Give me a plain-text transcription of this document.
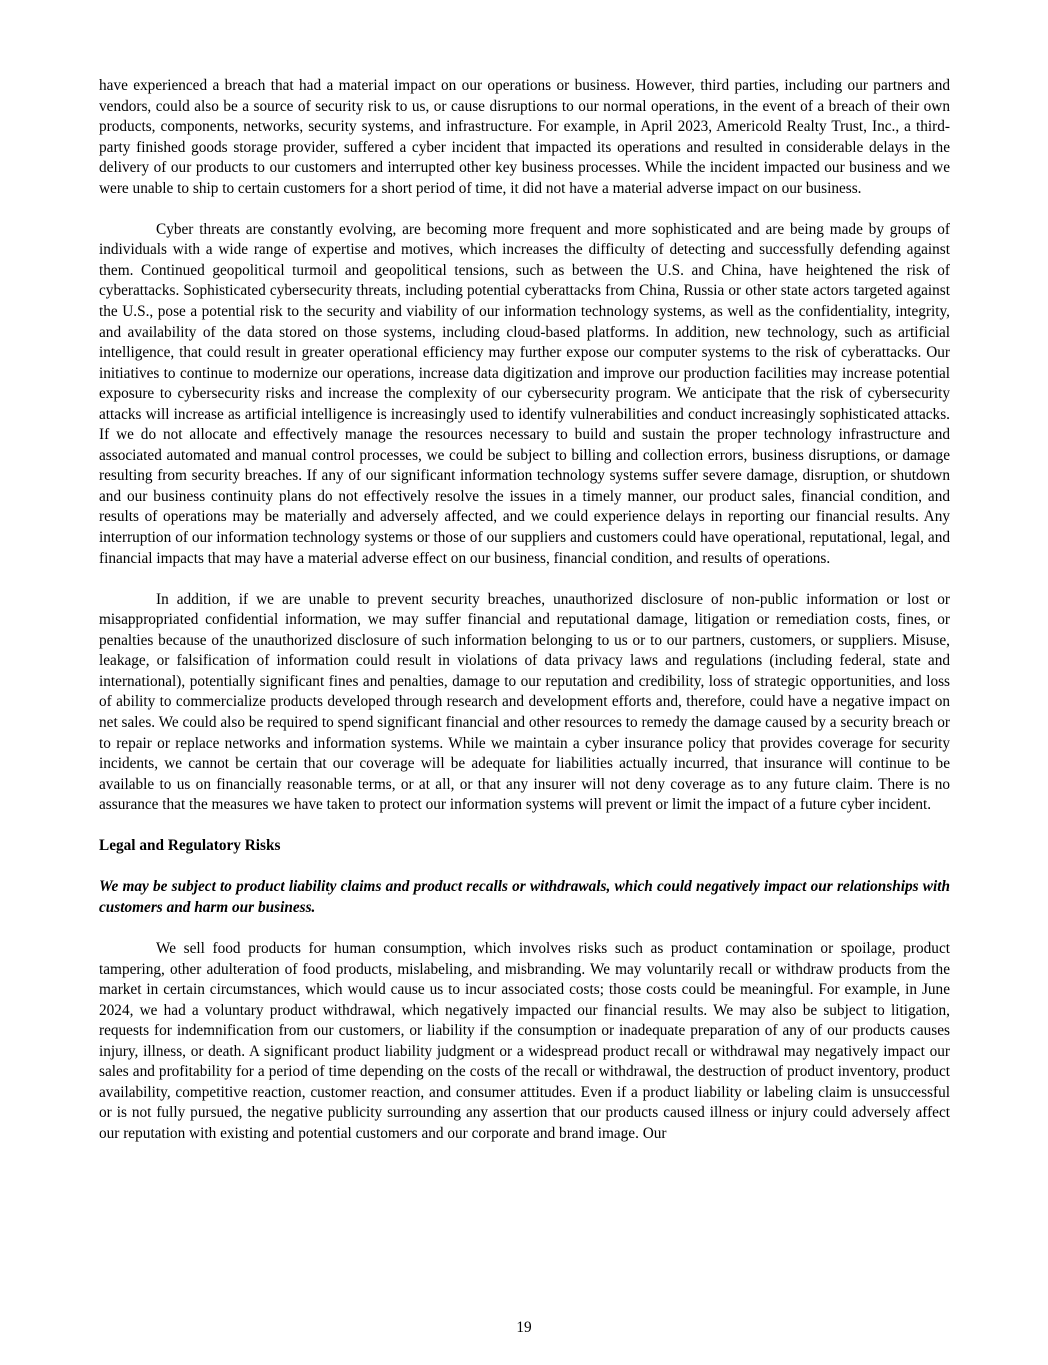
have experienced a breach that had a material impact on our operations or business. However, third parties, including our partners and vendors, could also be a source of security risk to us, or cause disruptions to our normal operations, in the event of a breach of their own products, components, networks, security systems, and infrastructure. For example, in April 2023, Americold Realty Trust, Inc., a third-party finished goods storage provider, suffered a cyber incident that impacted its operations and resulted in considerable delays in the delivery of our products to our customers and interrupted other key business processes. While the incident impacted our business and we were unable to ship to certain customers for a short period of time, it did not have a material adverse impact on our business.

Cyber threats are constantly evolving, are becoming more frequent and more sophisticated and are being made by groups of individuals with a wide range of expertise and motives, which increases the difficulty of detecting and successfully defending against them. Continued geopolitical turmoil and geopolitical tensions, such as between the U.S. and China, have heightened the risk of cyberattacks. Sophisticated cybersecurity threats, including potential cyberattacks from China, Russia or other state actors targeted against the U.S., pose a potential risk to the security and viability of our information technology systems, as well as the confidentiality, integrity, and availability of the data stored on those systems, including cloud-based platforms. In addition, new technology, such as artificial intelligence, that could result in greater operational efficiency may further expose our computer systems to the risk of cyberattacks. Our initiatives to continue to modernize our operations, increase data digitization and improve our production facilities may increase potential exposure to cybersecurity risks and increase the complexity of our cybersecurity program. We anticipate that the risk of cybersecurity attacks will increase as artificial intelligence is increasingly used to identify vulnerabilities and conduct increasingly sophisticated attacks. If we do not allocate and effectively manage the resources necessary to build and sustain the proper technology infrastructure and associated automated and manual control processes, we could be subject to billing and collection errors, business disruptions, or damage resulting from security breaches. If any of our significant information technology systems suffer severe damage, disruption, or shutdown and our business continuity plans do not effectively resolve the issues in a timely manner, our product sales, financial condition, and results of operations may be materially and adversely affected, and we could experience delays in reporting our financial results. Any interruption of our information technology systems or those of our suppliers and customers could have operational, reputational, legal, and financial impacts that may have a material adverse effect on our business, financial condition, and results of operations.

In addition, if we are unable to prevent security breaches, unauthorized disclosure of non-public information or lost or misappropriated confidential information, we may suffer financial and reputational damage, litigation or remediation costs, fines, or penalties because of the unauthorized disclosure of such information belonging to us or to our partners, customers, or suppliers. Misuse, leakage, or falsification of information could result in violations of data privacy laws and regulations (including federal, state and international), potentially significant fines and penalties, damage to our reputation and credibility, loss of strategic opportunities, and loss of ability to commercialize products developed through research and development efforts and, therefore, could have a negative impact on net sales. We could also be required to spend significant financial and other resources to remedy the damage caused by a security breach or to repair or replace networks and information systems. While we maintain a cyber insurance policy that provides coverage for security incidents, we cannot be certain that our coverage will be adequate for liabilities actually incurred, that insurance will continue to be available to us on financially reasonable terms, or at all, or that any insurer will not deny coverage as to any future claim. There is no assurance that the measures we have taken to protect our information systems will prevent or limit the impact of a future cyber incident.

Legal and Regulatory Risks
We may be subject to product liability claims and product recalls or withdrawals, which could negatively impact our relationships with customers and harm our business.

We sell food products for human consumption, which involves risks such as product contamination or spoilage, product tampering, other adulteration of food products, mislabeling, and misbranding. We may voluntarily recall or withdraw products from the market in certain circumstances, which would cause us to incur associated costs; those costs could be meaningful. For example, in June 2024, we had a voluntary product withdrawal, which negatively impacted our financial results. We may also be subject to litigation, requests for indemnification from our customers, or liability if the consumption or inadequate preparation of any of our products causes injury, illness, or death. A significant product liability judgment or a widespread product recall or withdrawal may negatively impact our sales and profitability for a period of time depending on the costs of the recall or withdrawal, the destruction of product inventory, product availability, competitive reaction, customer reaction, and consumer attitudes. Even if a product liability or labeling claim is unsuccessful or is not fully pursued, the negative publicity surrounding any assertion that our products caused illness or injury could adversely affect our reputation with existing and potential customers and our corporate and brand image. Our

19
